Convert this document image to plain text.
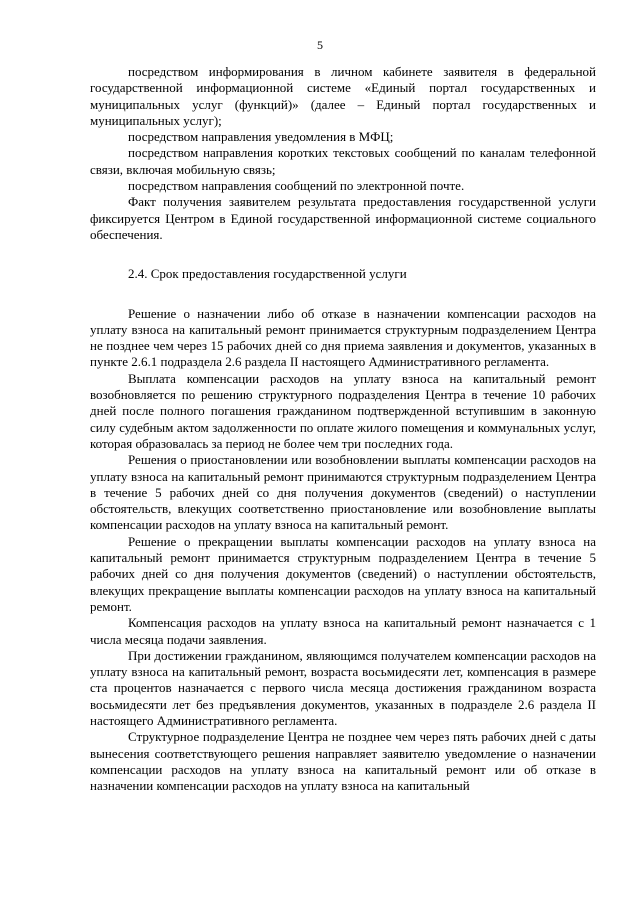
5

посредством информирования в личном кабинете заявителя в федеральной государственной информационной системе «Единый портал государственных и муниципальных услуг (функций)» (далее – Единый портал государственных и муниципальных услуг);

посредством направления уведомления в МФЦ;

посредством направления коротких текстовых сообщений по каналам телефонной связи, включая мобильную связь;

посредством направления сообщений по электронной почте.

Факт получения заявителем результата предоставления государственной услуги фиксируется Центром в Единой государственной информационной системе социального обеспечения.

2.4. Срок предоставления государственной услуги

Решение о назначении либо об отказе в назначении компенсации расходов на уплату взноса на капитальный ремонт принимается структурным подразделением Центра не позднее чем через 15 рабочих дней со дня приема заявления и документов, указанных в пункте 2.6.1 подраздела 2.6 раздела II настоящего Административного регламента.

Выплата компенсации расходов на уплату взноса на капитальный ремонт возобновляется по решению структурного подразделения Центра в течение 10 рабочих дней после полного погашения гражданином подтвержденной вступившим в законную силу судебным актом задолженности по оплате жилого помещения и коммунальных услуг, которая образовалась за период не более чем три последних года.

Решения о приостановлении или возобновлении выплаты компенсации расходов на уплату взноса на капитальный ремонт принимаются структурным подразделением Центра в течение 5 рабочих дней со дня получения документов (сведений) о наступлении обстоятельств, влекущих соответственно приостановление или возобновление выплаты компенсации расходов на уплату взноса на капитальный ремонт.

Решение о прекращении выплаты компенсации расходов на уплату взноса на капитальный ремонт принимается структурным подразделением Центра в течение 5 рабочих дней со дня получения документов (сведений) о наступлении обстоятельств, влекущих прекращение выплаты компенсации расходов на уплату взноса на капитальный ремонт.

Компенсация расходов на уплату взноса на капитальный ремонт назначается с 1 числа месяца подачи заявления.

При достижении гражданином, являющимся получателем компенсации расходов на уплату взноса на капитальный ремонт, возраста восьмидесяти лет, компенсация в размере ста процентов назначается с первого числа месяца достижения гражданином возраста восьмидесяти лет без предъявления документов, указанных в подразделе 2.6 раздела II настоящего Административного регламента.

Структурное подразделение Центра не позднее чем через пять рабочих дней с даты вынесения соответствующего решения направляет заявителю уведомление о назначении компенсации расходов на уплату взноса на капитальный ремонт или об отказе в назначении компенсации расходов на уплату взноса на капитальный
